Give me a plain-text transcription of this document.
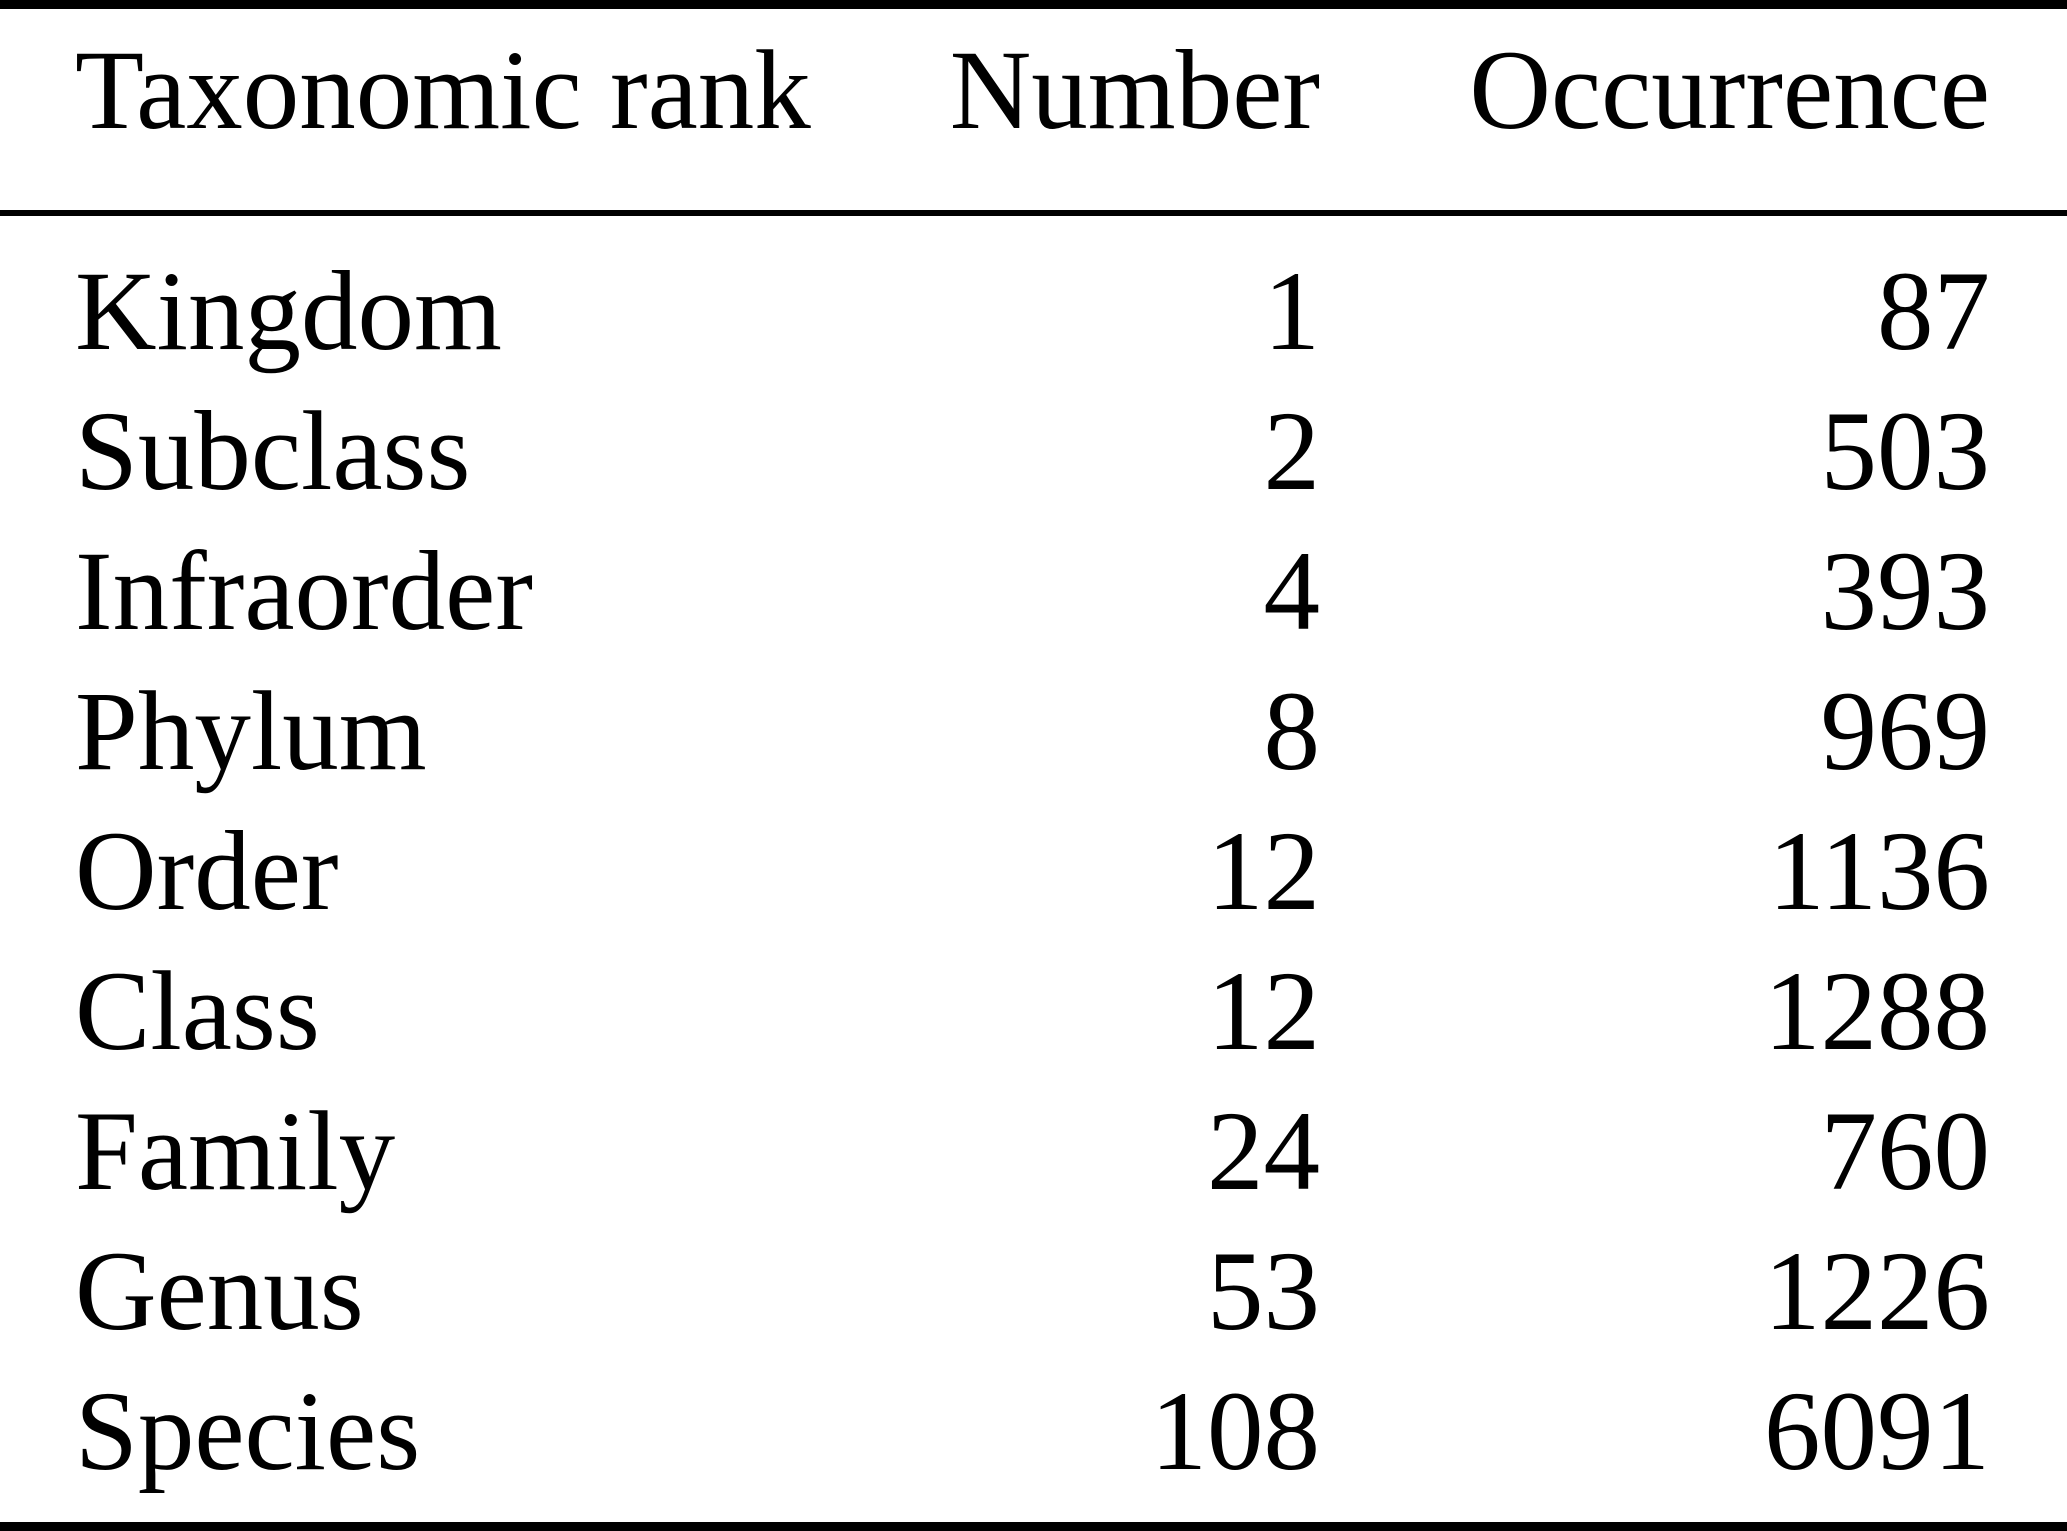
Taxonomic rank	Number	Occurrence
Kingdom	1	87
Subclass	2	503
Infraorder	4	393
Phylum	8	969
Order	12	1136
Class	12	1288
Family	24	760
Genus	53	1226
Species	108	6091
